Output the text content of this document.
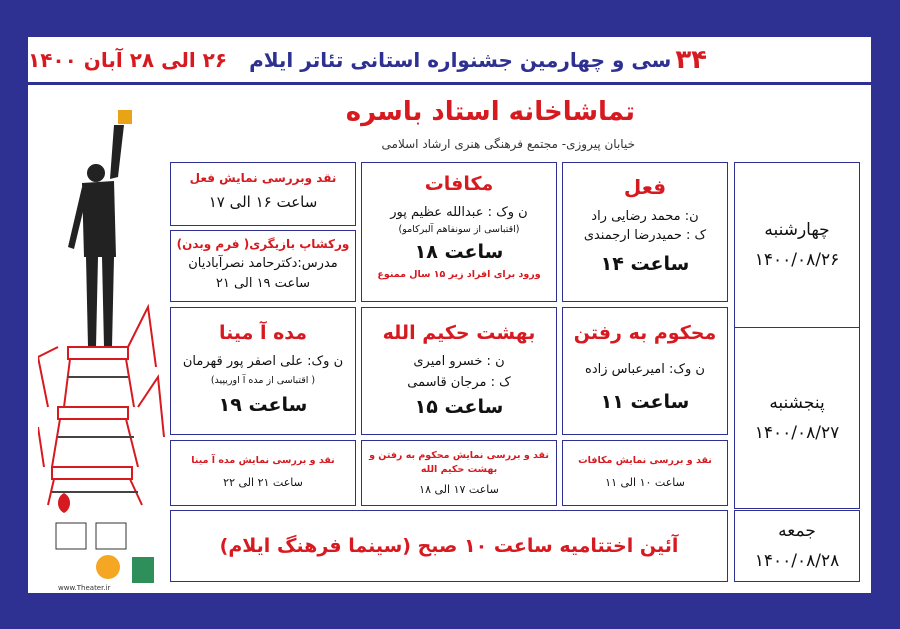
۳۴
سی و چهارمین جشنواره استانی تئاتر ایلام
۲۶ الی ۲۸ آبان ۱۴۰۰
تماشاخانه استاد باسره
خیابان پیروزی- مجتمع فرهنگی هنری ارشاد اسلامی
چهارشنبه
۱۴۰۰/۰۸/۲۶
پنجشنبه
۱۴۰۰/۰۸/۲۷
جمعه
۱۴۰۰/۰۸/۲۸
فعل
ن: محمد رضایی راد
ک : حمیدرضا ارجمندی
ساعت ۱۴
مکافات
ن وک : عبدالله عظیم پور
(اقتباسی از سونفاهم آلبرکامو)
ساعت ۱۸
ورود برای افراد زیر ۱۵ سال ممنوع
نقد وبررسی نمایش فعل
ساعت ۱۶ الی ۱۷
ورکشاپ بازیگری( فرم وبدن)
مدرس:دکترحامد نصرآبادیان
ساعت ۱۹ الی ۲۱
محکوم به رفتن
ن وک: امیرعباس زاده
ساعت ۱۱
بهشت حکیم الله
ن : خسرو امیری
ک : مرجان قاسمی
ساعت ۱۵
مده آ مینا
ن وک: علی اصفر پور قهرمان
( اقتباسی از مده آ اوریپید)
ساعت ۱۹
نقد و بررسی نمایش مکافات
ساعت ۱۰ الی ۱۱
نقد و بررسی نمایش محکوم به رفتن و بهشت حکیم الله
ساعت ۱۷ الی ۱۸
نقد و بررسی نمایش مده آ مینا
ساعت ۲۱ الی ۲۲
آئین اختتامیه ساعت ۱۰ صبح (سینما فرهنگ ایلام)
www.Theater.ir
